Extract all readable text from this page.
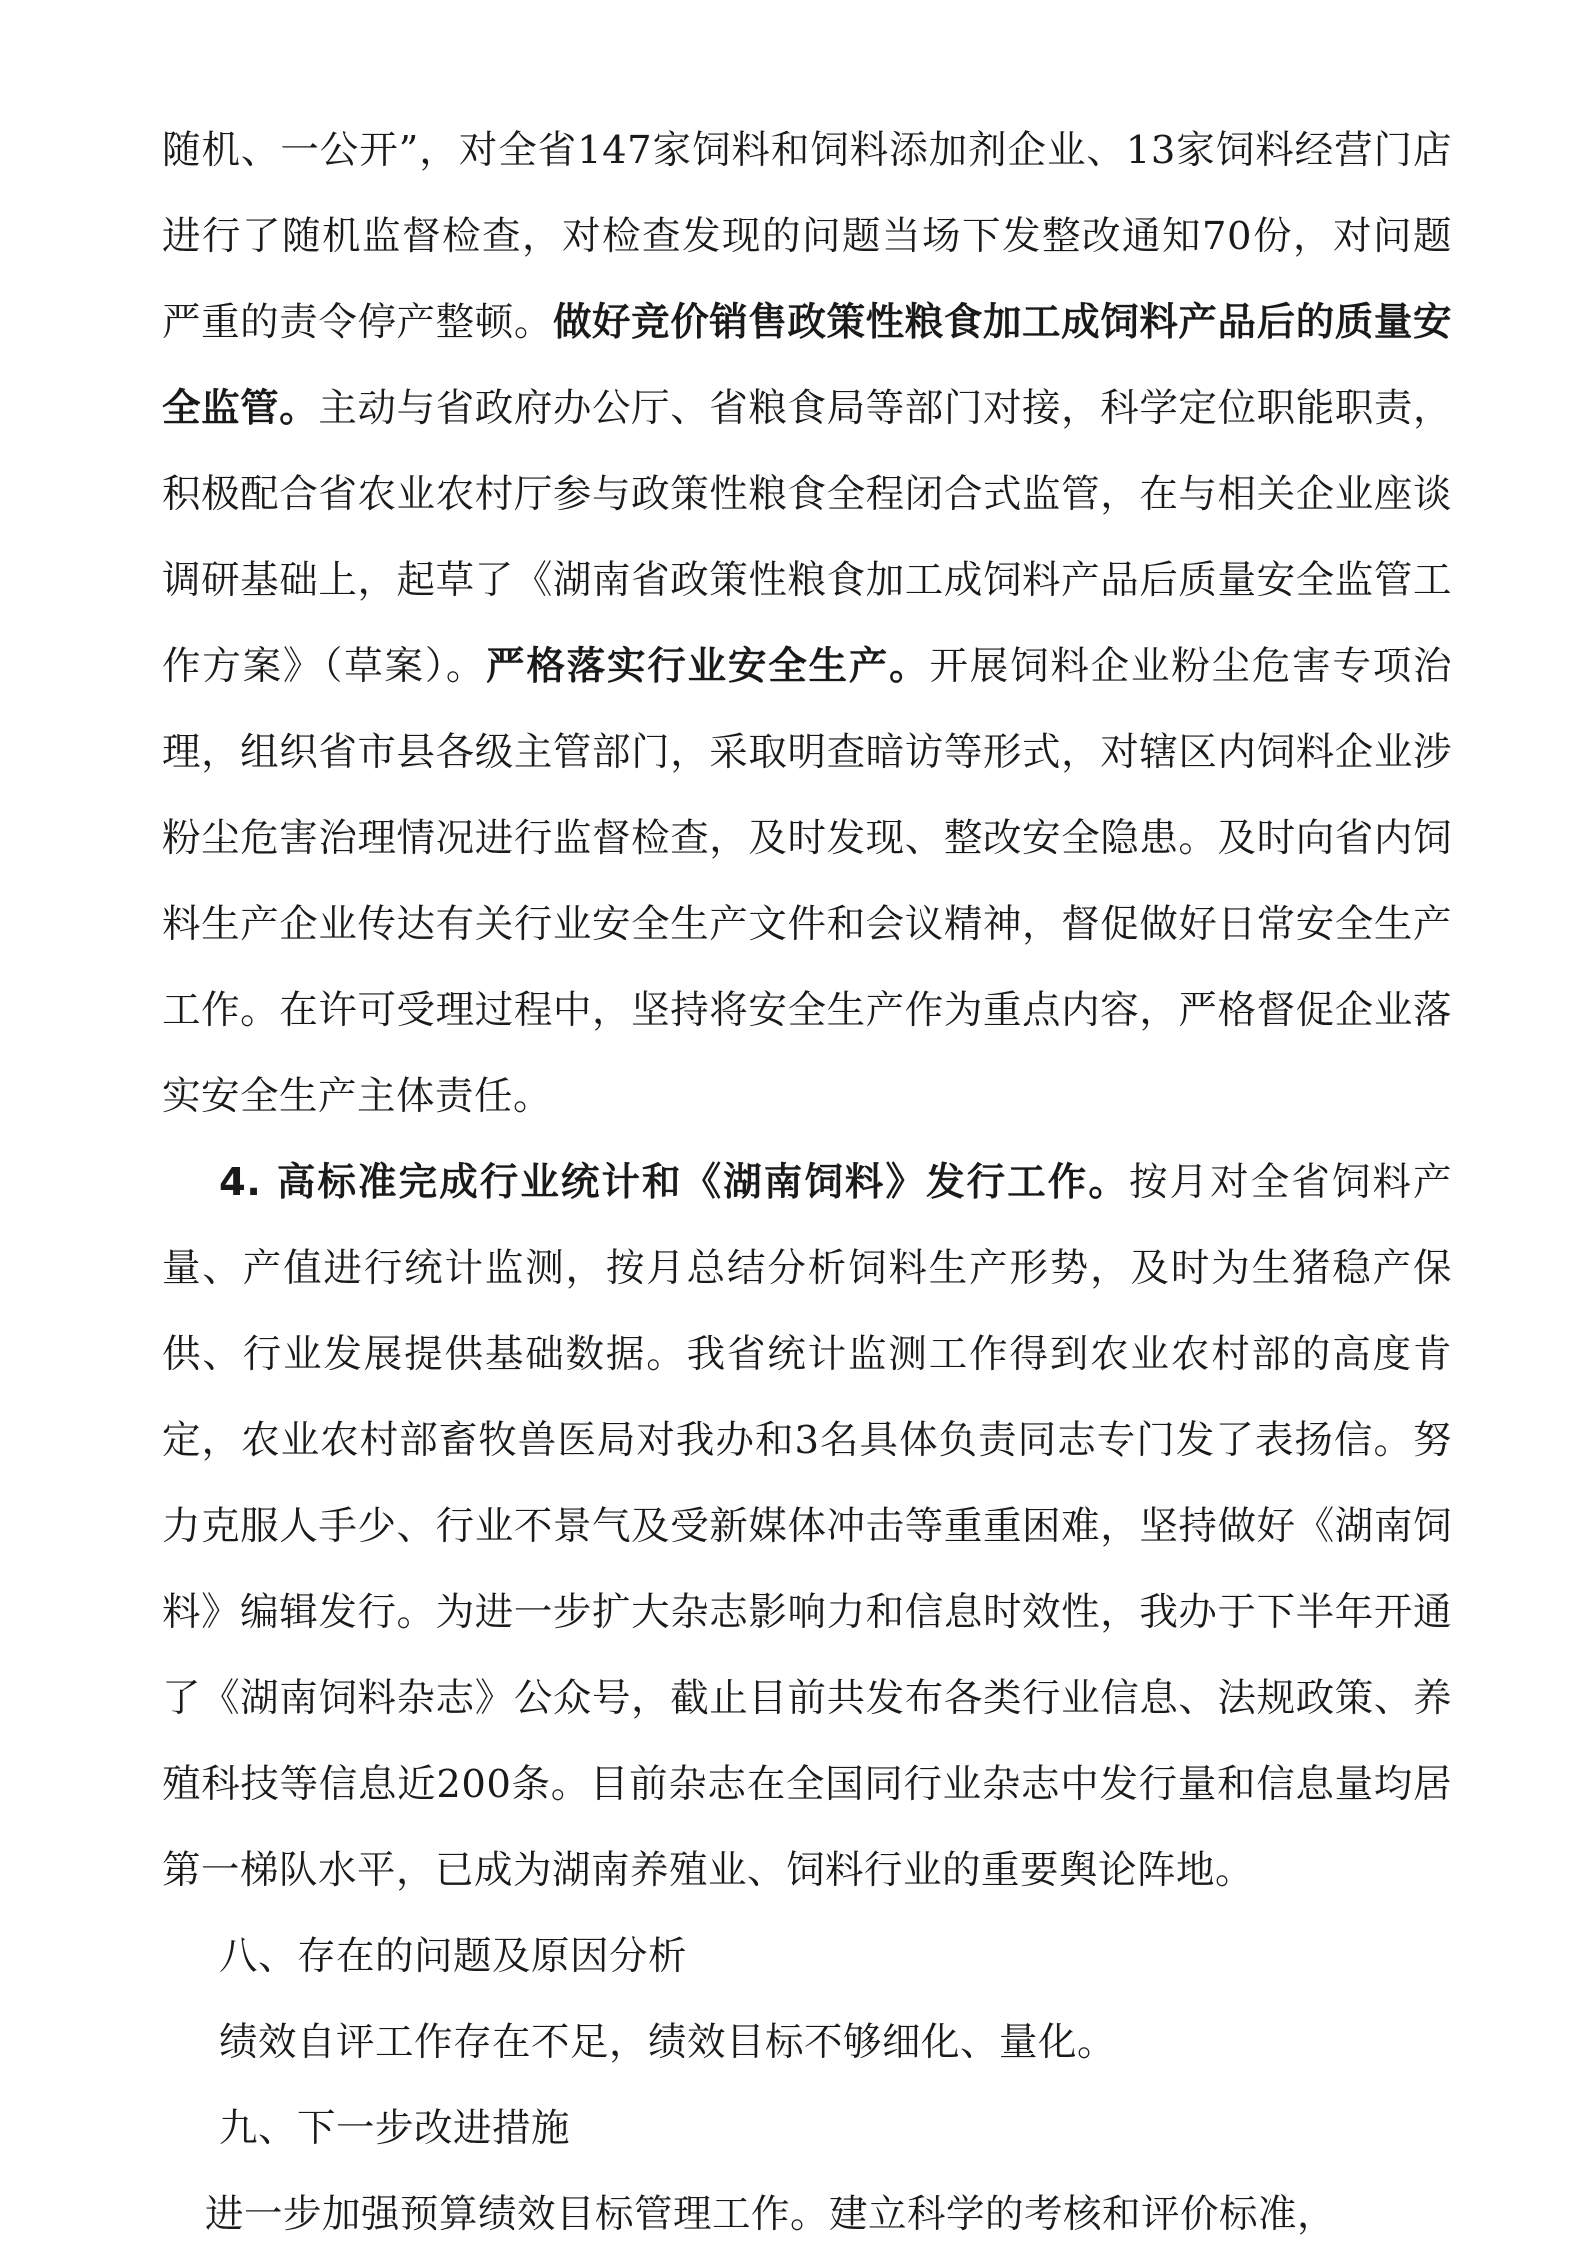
随机、一公开”，对全省147家饲料和饲料添加剂企业、13家饲料经营门店进行了随机监督检查，对检查发现的问题当场下发整改通知70份，对问题严重的责令停产整顿。做好竞价销售政策性粮食加工成饲料产品后的质量安全监管。主动与省政府办公厅、省粮食局等部门对接，科学定位职能职责，积极配合省农业农村厅参与政策性粮食全程闭合式监管，在与相关企业座谈调研基础上，起草了《湖南省政策性粮食加工成饲料产品后质量安全监管工作方案》（草案）。严格落实行业安全生产。开展饲料企业粉尘危害专项治理，组织省市县各级主管部门，采取明查暗访等形式，对辖区内饲料企业涉粉尘危害治理情况进行监督检查，及时发现、整改安全隐患。及时向省内饲料生产企业传达有关行业安全生产文件和会议精神，督促做好日常安全生产工作。在许可受理过程中，坚持将安全生产作为重点内容，严格督促企业落实安全生产主体责任。

4. 高标准完成行业统计和《湖南饲料》发行工作。按月对全省饲料产量、产值进行统计监测，按月总结分析饲料生产形势，及时为生猪稳产保供、行业发展提供基础数据。我省统计监测工作得到农业农村部的高度肯定，农业农村部畜牧兽医局对我办和3名具体负责同志专门发了表扬信。努力克服人手少、行业不景气及受新媒体冲击等重重困难，坚持做好《湖南饲料》编辑发行。为进一步扩大杂志影响力和信息时效性，我办于下半年开通了《湖南饲料杂志》公众号，截止目前共发布各类行业信息、法规政策、养殖科技等信息近200条。目前杂志在全国同行业杂志中发行量和信息量均居第一梯队水平，已成为湖南养殖业、饲料行业的重要舆论阵地。

八、存在的问题及原因分析

绩效自评工作存在不足，绩效目标不够细化、量化。

九、下一步改进措施

进一步加强预算绩效目标管理工作。建立科学的考核和评价标准，
